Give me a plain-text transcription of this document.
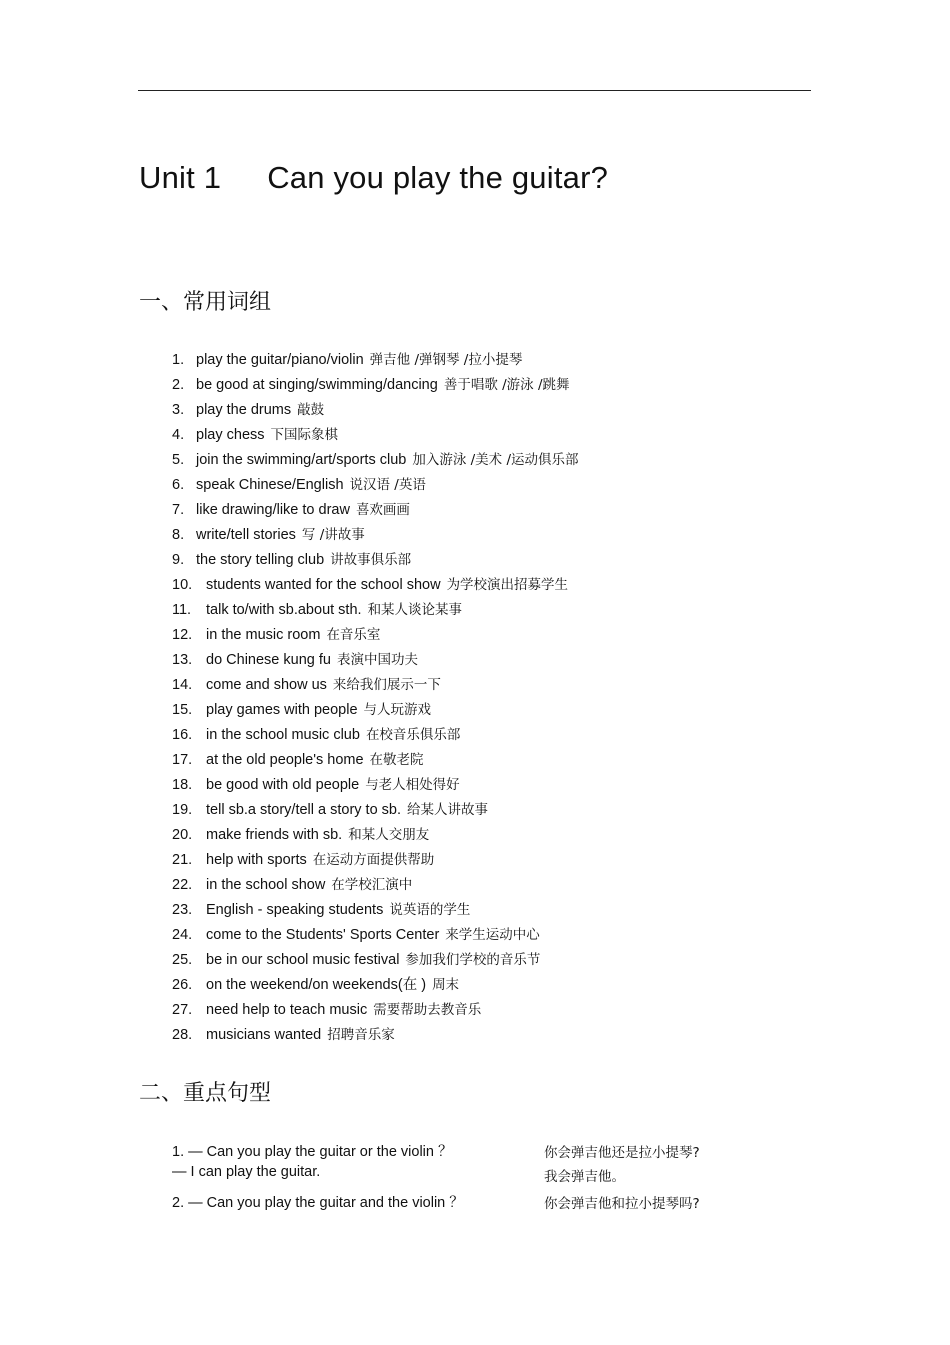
Unit 1 Can you play the guitar?
一、常用词组
1. play the guitar/piano/violin 弹吉他 /弹钢琴 /拉小提琴
2. be good at singing/swimming/dancing 善于唱歌 /游泳 /跳舞
3. play the drums 敲鼓
4. play chess 下国际象棋
5. join the swimming/art/sports club 加入游泳 /美术 /运动俱乐部
6. speak Chinese/English 说汉语 /英语
7. like drawing/like to draw 喜欢画画
8. write/tell stories 写 /讲故事
9. the story telling club 讲故事俱乐部
10. students wanted for the school show 为学校演出招募学生
11.	talk to/with sb.about sth. 和某人谈论某事
12. in the music room 在音乐室
13. do Chinese kung fu 表演中国功夫
14. come and show us 来给我们展示一下
15. play games with people 与人玩游戏
16. in the school music club 在校音乐俱乐部
17. at the old people's home 在敬老院
18. be good with old people 与老人相处得好
19. tell sb.a story/tell a story to sb. 给某人讲故事
20. make friends with sb. 和某人交朋友
21. help with sports 在运动方面提供帮助
22. in the school show 在学校汇演中
23. English - speaking students 说英语的学生
24. come to the Students' Sports Center 来学生运动中心
25. be in our school music festival 参加我们学校的音乐节
26. on the weekend/on weekends(在 ) 周末
27. need help to teach music 需要帮助去教音乐
28. musicians wanted 招聘音乐家
二、重点句型
1. — Can you play the guitar or the violin ？	你会弹吉他还是拉小提琴?
— I can play the guitar.	我会弹吉他。
2. — Can you play the guitar and the violin ？	你会弹吉他和拉小提琴吗?
